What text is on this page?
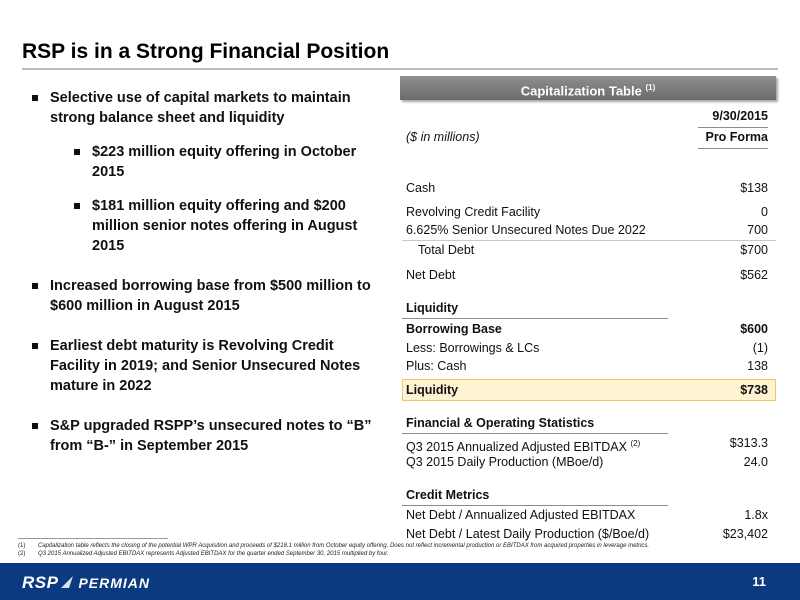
RSP is in a Strong Financial Position
Selective use of capital markets to maintain strong balance sheet and liquidity
$223 million equity offering in October 2015
$181 million equity offering and $200 million senior notes offering in August 2015
Increased borrowing base from $500 million to $600 million in August 2015
Earliest debt maturity is Revolving Credit Facility in 2019; and Senior Unsecured Notes mature in 2022
S&P upgraded RSPP’s unsecured notes to “B” from “B-” in September 2015
Capitalization Table $^{(1)}$
9/30/2015
($ in millions)	Pro Forma
Cash	$138
Revolving Credit Facility	0
6.625% Senior Unsecured Notes Due 2022	700
Total Debt	$700
Net Debt	$562
Liquidity
Borrowing Base	$600
Less: Borrowings & LCs	(1)
Plus: Cash	138
Liquidity	$738
Financial & Operating Statistics
Q3 2015 Annualized Adjusted EBITDAX $^{(2)}$	$313.3
Q3 2015 Daily Production (MBoe/d)	24.0
Credit Metrics
Net Debt / Annualized Adjusted EBITDAX	1.8x
Net Debt / Latest Daily Production ($/Boe/d)	$23,402
(1) Capitalization table reflects the closing of the potential WPR Acquisition and proceeds of $218.1 million from October equity offering. Does not reflect incremental production or EBITDAX from acquired properties in leverage metrics.
(2) Q3 2015 Annualized Adjusted EBITDAX represents Adjusted EBITDAX for the quarter ended September 30, 2015 multiplied by four.
RSP PERMIAN	11
